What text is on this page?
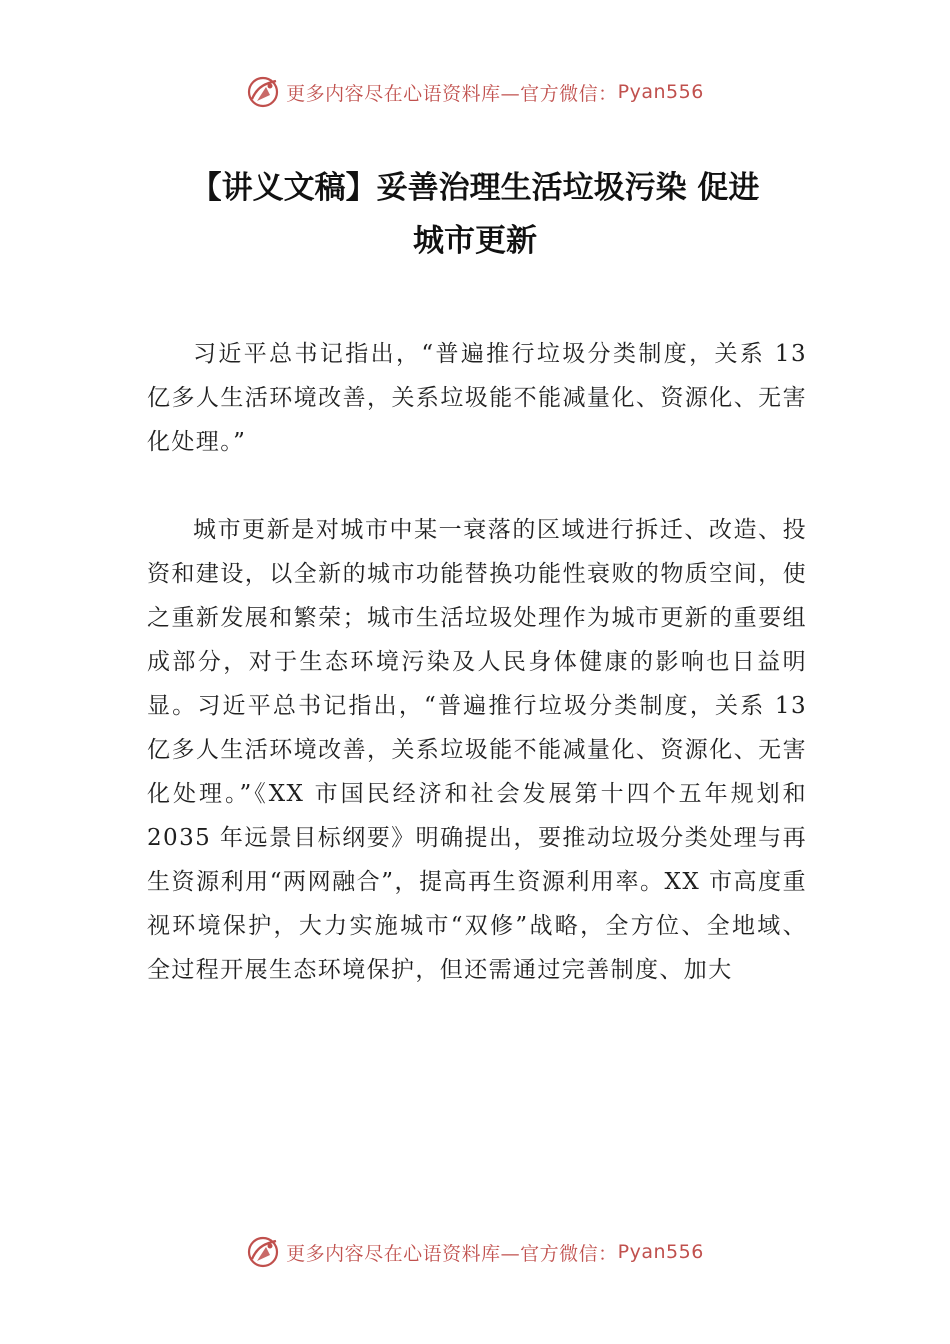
更多内容尽在心语资料库—官方微信： Pyan556
【讲义文稿】妥善治理生活垃圾污染 促进
城市更新

习近平总书记指出，“普遍推行垃圾分类制度，关系 13 亿多人生活环境改善，关系垃圾能不能减量化、资源化、无害化处理。”

城市更新是对城市中某一衰落的区域进行拆迁、改造、投资和建设，以全新的城市功能替换功能性衰败的物质空间，使之重新发展和繁荣；城市生活垃圾处理作为城市更新的重要组成部分，对于生态环境污染及人民身体健康的影响也日益明显。习近平总书记指出，“普遍推行垃圾分类制度，关系 13 亿多人生活环境改善，关系垃圾能不能减量化、资源化、无害化处理。”《XX 市国民经济和社会发展第十四个五年规划和 2035 年远景目标纲要》明确提出，要推动垃圾分类处理与再生资源利用“两网融合”，提高再生资源利用率。XX 市高度重视环境保护，大力实施城市“双修”战略，全方位、全地域、全过程开展生态环境保护，但还需通过完善制度、加大

更多内容尽在心语资料库—官方微信： Pyan556
